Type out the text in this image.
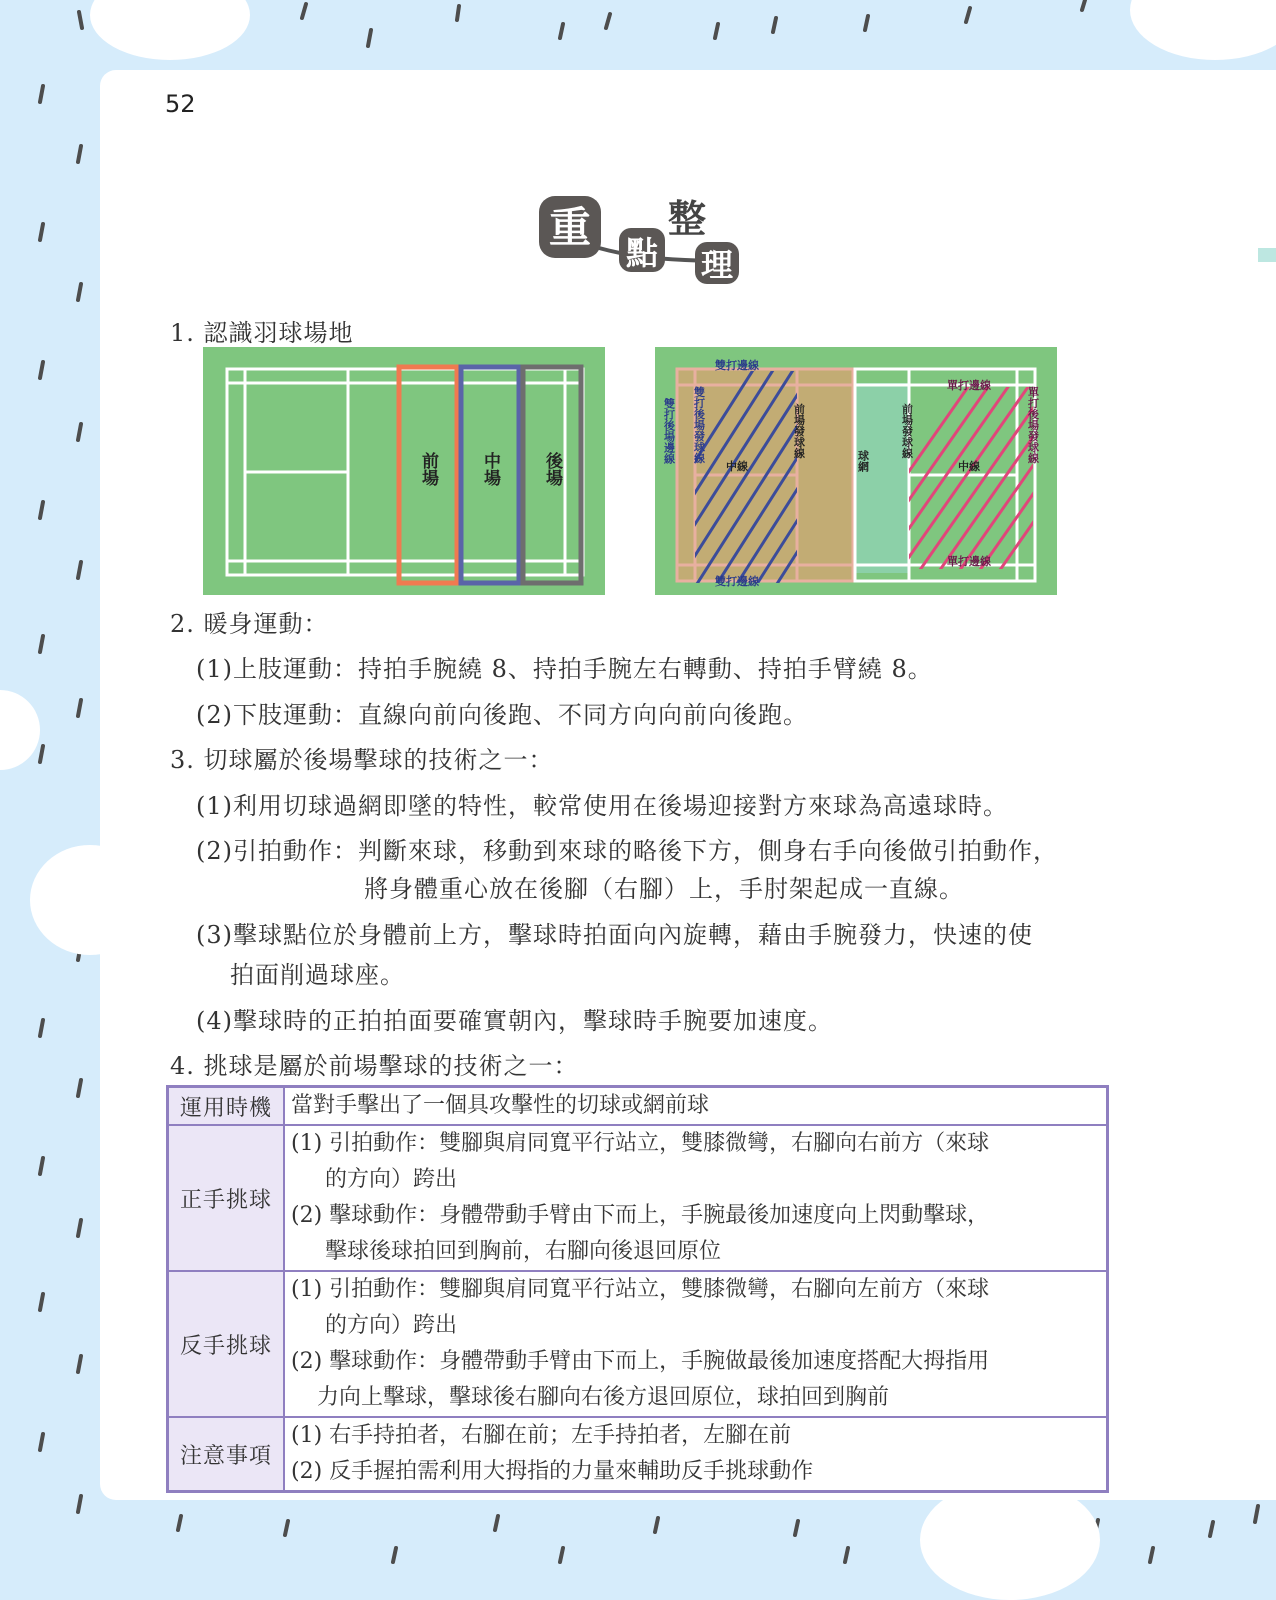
52
重
點
整
理
1. 認識羽球場地
前場 中場 後場
雙打邊線
雙打邊線
雙打後場邊線 雙打後場發球線
中線
前場發球線
球網
前場發球線
中線
單打邊線
單打邊線
單打後場發球線
2. 暖身運動：
(1)上肢運動：持拍手腕繞 8、持拍手腕左右轉動、持拍手臂繞 8。
(2)下肢運動：直線向前向後跑、不同方向向前向後跑。
3. 切球屬於後場擊球的技術之一：
(1)利用切球過網即墜的特性，較常使用在後場迎接對方來球為高遠球時。
(2)引拍動作：判斷來球，移動到來球的略後下方，側身右手向後做引拍動作，
將身體重心放在後腳（右腳）上，手肘架起成一直線。
(3)擊球點位於身體前上方，擊球時拍面向內旋轉，藉由手腕發力，快速的使
拍面削過球座。
(4)擊球時的正拍拍面要確實朝內，擊球時手腕要加速度。
4. 挑球是屬於前場擊球的技術之一：
運用時機	當對手擊出了一個具攻擊性的切球或網前球

正手挑球	(1) 引拍動作：雙腳與肩同寬平行站立，雙膝微彎，右腳向右前方（來球
的方向）跨出
(2) 擊球動作：身體帶動手臂由下而上，手腕最後加速度向上閃動擊球，
擊球後球拍回到胸前，右腳向後退回原位

反手挑球	(1) 引拍動作：雙腳與肩同寬平行站立，雙膝微彎，右腳向左前方（來球
的方向）跨出
(2) 擊球動作：身體帶動手臂由下而上，手腕做最後加速度搭配大拇指用
力向上擊球，擊球後右腳向右後方退回原位，球拍回到胸前

注意事項	(1) 右手持拍者，右腳在前；左手持拍者，左腳在前
(2) 反手握拍需利用大拇指的力量來輔助反手挑球動作
